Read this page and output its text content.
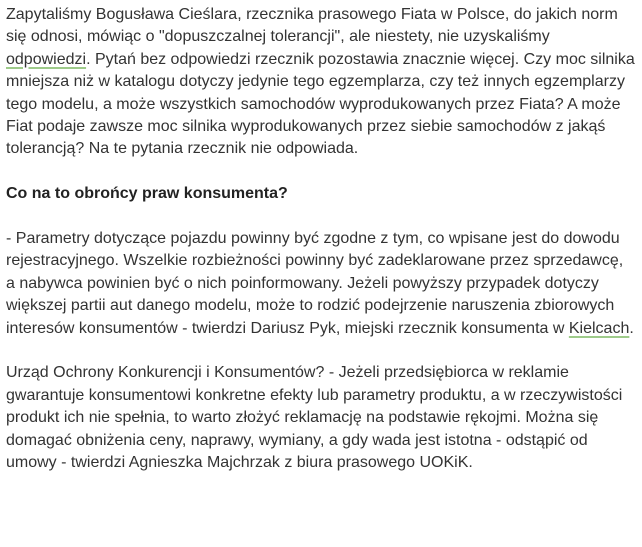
Zapytaliśmy Bogusława Cieślara, rzecznika prasowego Fiata w Polsce, do jakich norm się odnosi, mówiąc o "dopuszczalnej tolerancji", ale niestety, nie uzyskaliśmy odpowiedzi. Pytań bez odpowiedzi rzecznik pozostawia znacznie więcej. Czy moc silnika mniejsza niż w katalogu dotyczy jedynie tego egzemplarza, czy też innych egzemplarzy tego modelu, a może wszystkich samochodów wyprodukowanych przez Fiata? A może Fiat podaje zawsze moc silnika wyprodukowanych przez siebie samochodów z jakąś tolerancją? Na te pytania rzecznik nie odpowiada.

Co na to obrońcy praw konsumenta?

- Parametry dotyczące pojazdu powinny być zgodne z tym, co wpisane jest do dowodu rejestracyjnego. Wszelkie rozbieżności powinny być zadeklarowane przez sprzedawcę, a nabywca powinien być o nich poinformowany. Jeżeli powyższy przypadek dotyczy większej partii aut danego modelu, może to rodzić podejrzenie naruszenia zbiorowych interesów konsumentów - twierdzi Dariusz Pyk, miejski rzecznik konsumenta w Kielcach.

Urząd Ochrony Konkurencji i Konsumentów? - Jeżeli przedsiębiorca w reklamie gwarantuje konsumentowi konkretne efekty lub parametry produktu, a w rzeczywistości produkt ich nie spełnia, to warto złożyć reklamację na podstawie rękojmi. Można się domagać obniżenia ceny, naprawy, wymiany, a gdy wada jest istotna - odstąpić od umowy - twierdzi Agnieszka Majchrzak z biura prasowego UOKiK.
